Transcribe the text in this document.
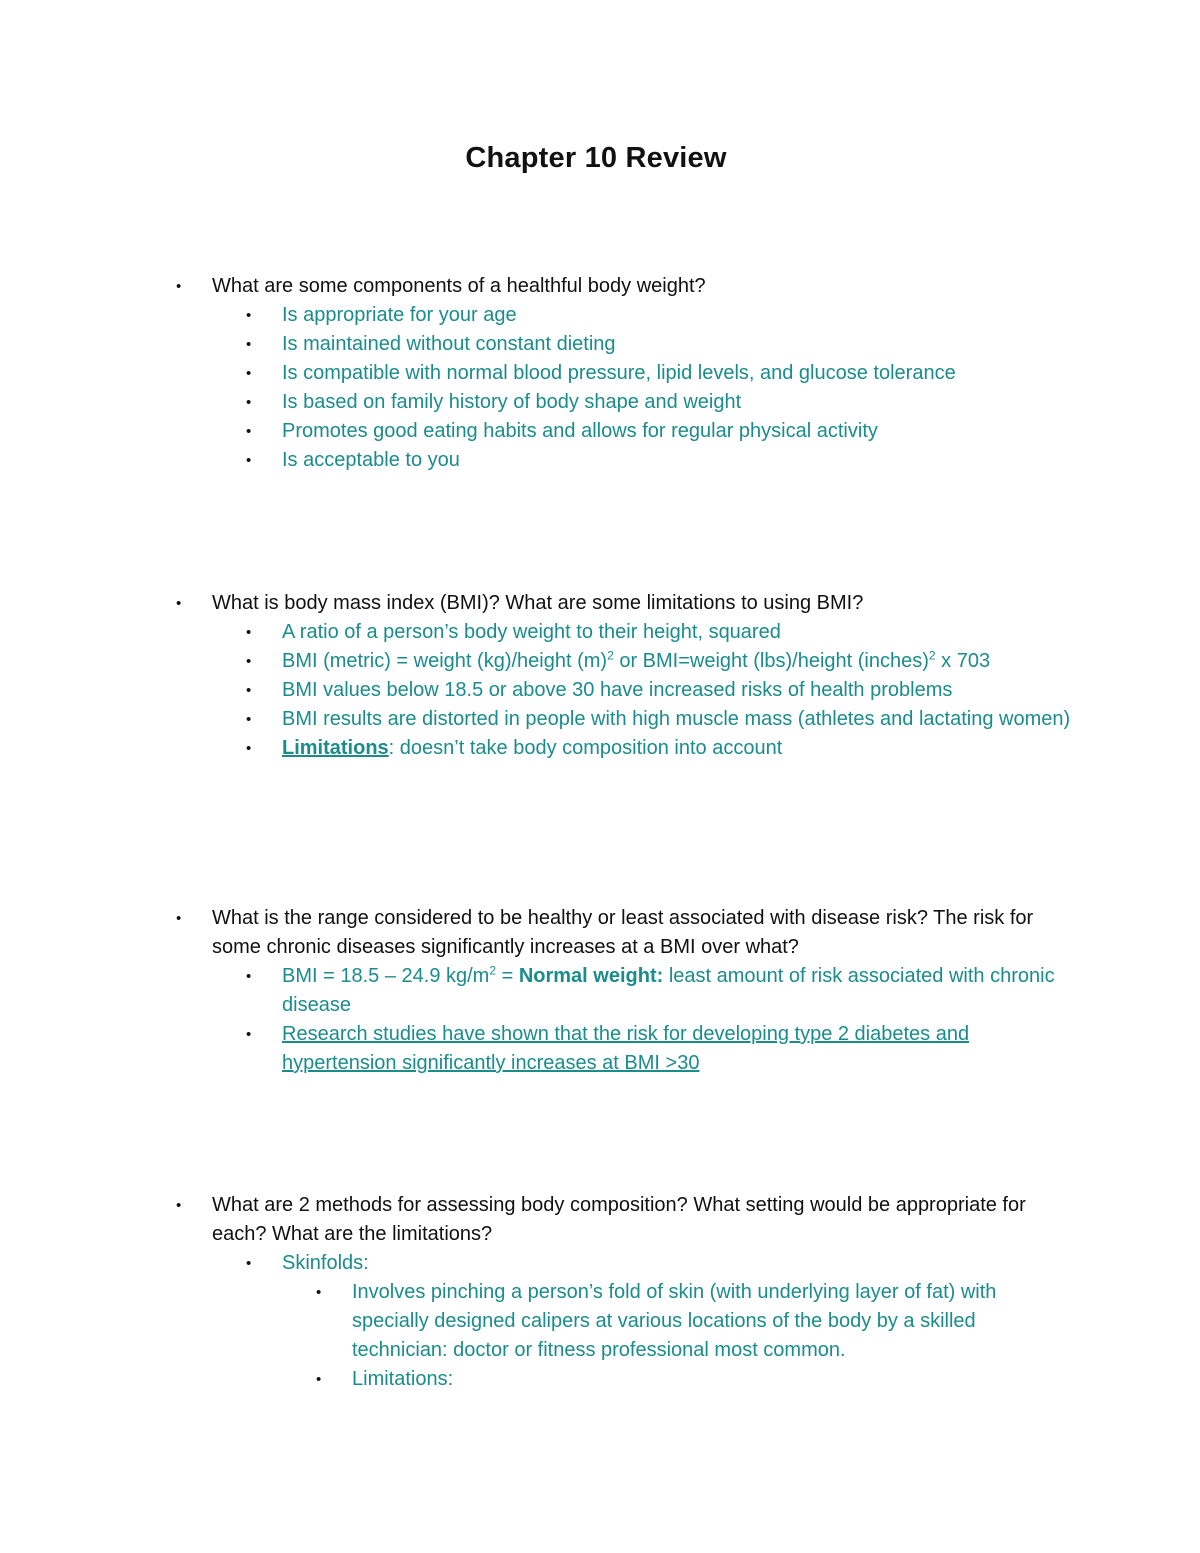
Chapter 10 Review
• What are some components of a healthful body weight?
• Is appropriate for your age
• Is maintained without constant dieting
• Is compatible with normal blood pressure, lipid levels, and glucose tolerance
• Is based on family history of body shape and weight
• Promotes good eating habits and allows for regular physical activity
• Is acceptable to you
• What is body mass index (BMI)? What are some limitations to using BMI?
• A ratio of a person’s body weight to their height, squared
• BMI (metric) = weight (kg)/height $(m)^2$ or BMI=weight (lbs)/height (inches)$^2$ x 703
• BMI values below 18.5 or above 30 have increased risks of health problems
• BMI results are distorted in people with high muscle mass (athletes and lactating women)
• Limitations: doesn’t take body composition into account
• What is the range considered to be healthy or least associated with disease risk? The risk for some chronic diseases significantly increases at a BMI over what?
• BMI = 18.5 – 24.9 $kg/m^2$ = Normal weight: least amount of risk associated with chronic disease
• Research studies have shown that the risk for developing type 2 diabetes and hypertension significantly increases at BMI >30
• What are 2 methods for assessing body composition? What setting would be appropriate for each? What are the limitations?
• Skinfolds:
• Involves pinching a person’s fold of skin (with underlying layer of fat) with specially designed calipers at various locations of the body by a skilled technician: doctor or fitness professional most common.
• Limitations:
